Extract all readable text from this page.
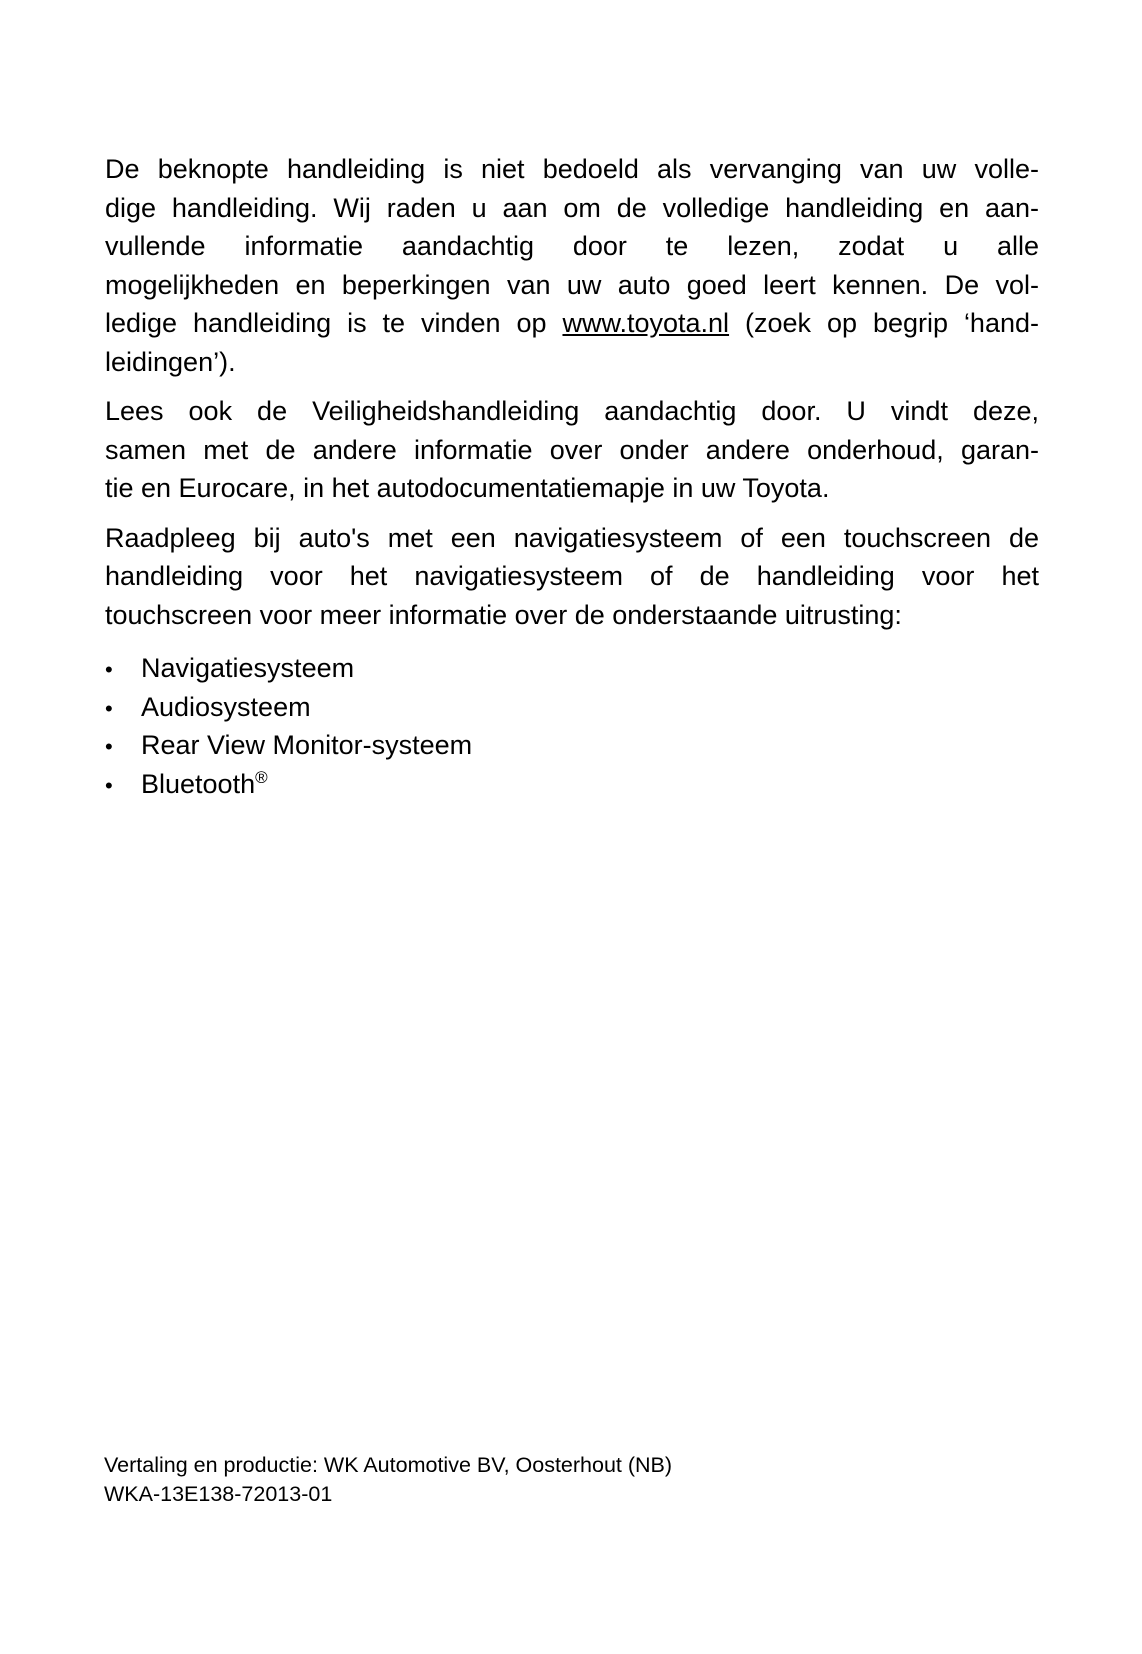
De beknopte handleiding is niet bedoeld als vervanging van uw volle-
dige handleiding. Wij raden u aan om de volledige handleiding en aan-
vullende informatie aandachtig door te lezen, zodat u alle
mogelijkheden en beperkingen van uw auto goed leert kennen. De vol-
ledige handleiding is te vinden op www.toyota.nl (zoek op begrip ‘hand-
leidingen’).
Lees ook de Veiligheidshandleiding aandachtig door. U vindt deze,
samen met de andere informatie over onder andere onderhoud, garan-
tie en Eurocare, in het autodocumentatiemapje in uw Toyota.
Raadpleeg bij auto's met een navigatiesysteem of een touchscreen de
handleiding voor het navigatiesysteem of de handleiding voor het
touchscreen voor meer informatie over de onderstaande uitrusting:
•	Navigatiesysteem
•	Audiosysteem
•	Rear View Monitor-systeem
•	Bluetooth®
Vertaling en productie: WK Automotive BV, Oosterhout (NB)
WKA-13E138-72013-01
